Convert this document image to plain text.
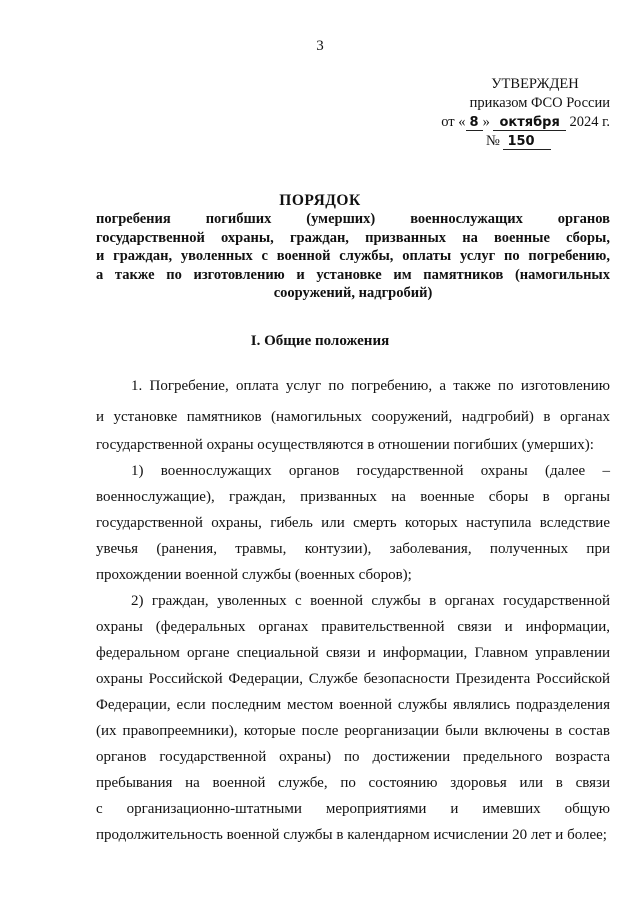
3
УТВЕРЖДЕН
приказом ФСО России
от « 8 » октября 2024 г.
№ 150
ПОРЯДОК
погребения погибших (умерших) военнослужащих органов
государственной охраны, граждан, призванных на военные сборы,
и граждан, уволенных с военной службы, оплаты услуг по погребению,
а также по изготовлению и установке им памятников (намогильных
сооружений, надгробий)
I. Общие положения
1. Погребение, оплата услуг по погребению, а также по изготовлению
и установке памятников (намогильных сооружений, надгробий) в органах
государственной охраны осуществляются в отношении погибших (умерших):
1) военнослужащих органов государственной охраны (далее –
военнослужащие), граждан, призванных на военные сборы в органы
государственной охраны, гибель или смерть которых наступила вследствие
увечья (ранения, травмы, контузии), заболевания, полученных при
прохождении военной службы (военных сборов);
2) граждан, уволенных с военной службы в органах государственной
охраны (федеральных органах правительственной связи и информации,
федеральном органе специальной связи и информации, Главном управлении
охраны Российской Федерации, Службе безопасности Президента Российской
Федерации, если последним местом военной службы являлись подразделения
(их правопреемники), которые после реорганизации были включены в состав
органов государственной охраны) по достижении предельного возраста
пребывания на военной службе, по состоянию здоровья или в связи
с организационно-штатными мероприятиями и имевших общую
продолжительность военной службы в календарном исчислении 20 лет и более;
